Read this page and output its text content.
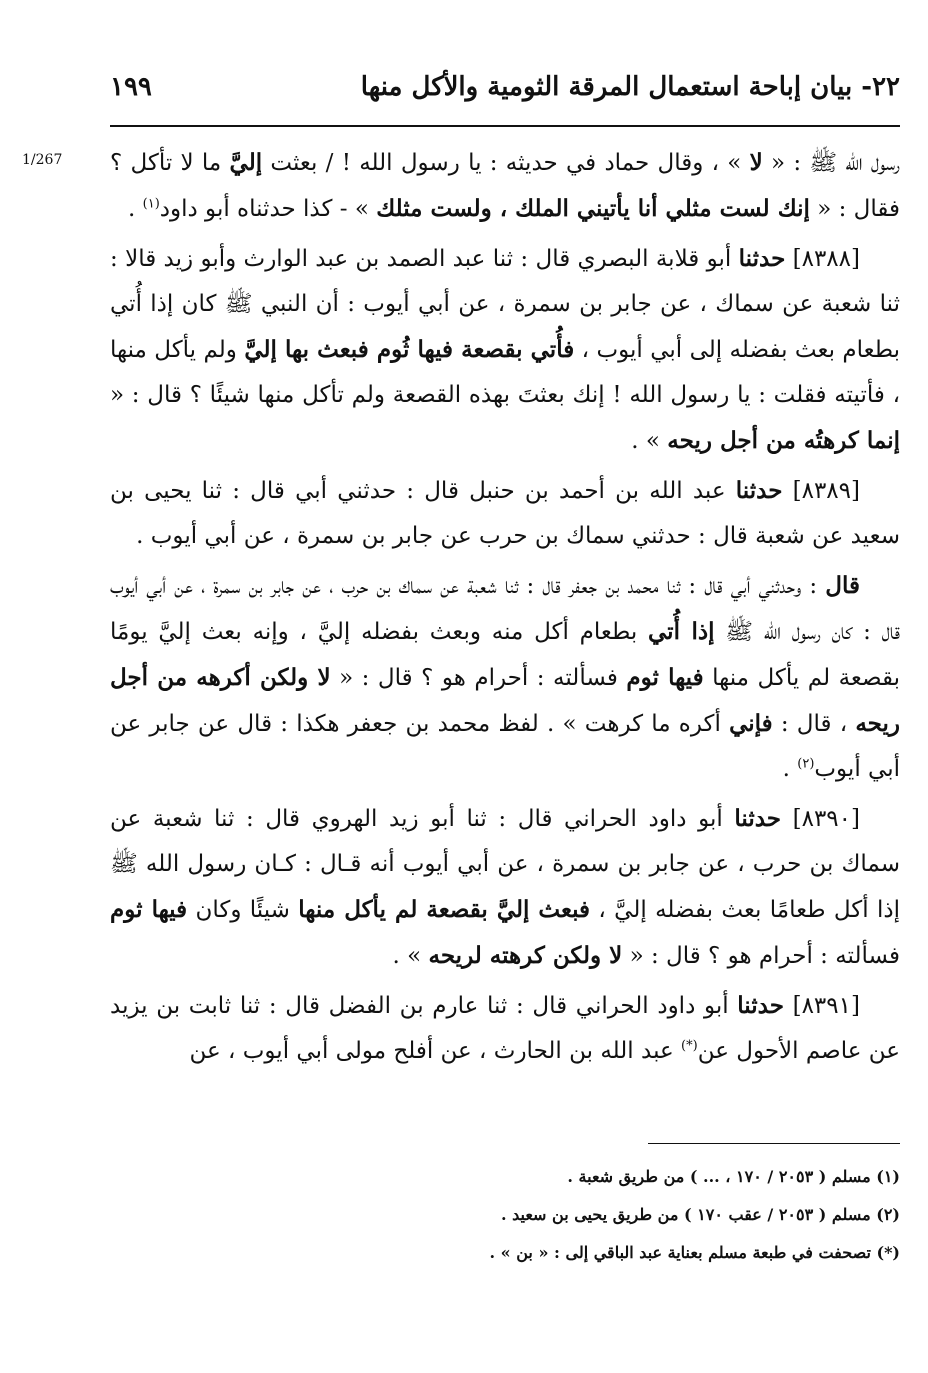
٢٢- بيان إباحة استعمال المرقة الثومية والأكل منها
١٩٩
1/267	رسول الله ﷺ : « لا » ، وقال حماد في حديثه : يا رسول الله ! / بعثت إليَّ ما لا تأكل ؟ فقال : « إنك لست مثلي أنا يأتيني الملك ، ولست مثلك » - كذا حدثناه أبو داود$^{(١)}$ .

[٨٣٨٨] حدثنا أبو قلابة البصري قال : ثنا عبد الصمد بن عبد الوارث وأبو زيد قالا : ثنا شعبة عن سماك ، عن جابر بن سمرة ، عن أبي أيوب : أن النبي ﷺ كان إذا أُتي بطعام بعث بفضله إلى أبي أيوب ، فأُتي بقصعة فيها ثُوم فبعث بها إليَّ ولم يأكل منها ، فأتيته فقلت : يا رسول الله ! إنك بعثتَ بهذه القصعة ولم تأكل منها شيئًا ؟ قال : « إنما كرهتُه من أجل ريحه » .

[٨٣٨٩] حدثنا عبد الله بن أحمد بن حنبل قال : حدثني أبي قال : ثنا يحيى بن سعيد عن شعبة قال : حدثني سماك بن حرب عن جابر بن سمرة ، عن أبي أيوب .

قال : وحدثني أبي قال : ثنا محمد بن جعفر قال : ثنا شعبة عن سماك بن حرب ، عن جابر بن سمرة ، عن أبي أيوب قال : كان رسول الله ﷺ إذا أُتي بطعام أكل منه وبعث بفضله إليَّ ، وإنه بعث إليَّ يومًا بقصعة لم يأكل منها فيها ثوم فسألته : أحرام هو ؟ قال : « لا ولكن أكرهه من أجل ريحه ، قال : فإني أكره ما كرهت » . لفظ محمد بن جعفر هكذا : قال عن جابر عن أبي أيوب$^{(٢)}$ .

[٨٣٩٠] حدثنا أبو داود الحراني قال : ثنا أبو زيد الهروي قال : ثنا شعبة عن سماك بن حرب ، عن جابر بن سمرة ، عن أبي أيوب أنه قـال : كـان رسول الله ﷺ إذا أكل طعامًا بعث بفضله إليَّ ، فبعث إليَّ بقصعة لم يأكل منها شيئًا وكان فيها ثوم فسألته : أحرام هو ؟ قال : « لا ولكن كرهته لريحه » .

[٨٣٩١] حدثنا أبو داود الحراني قال : ثنا عارم بن الفضل قال : ثنا ثابت بن يزيد عن عاصم الأحول عن(*) عبد الله بن الحارث ، عن أفلح مولى أبي أيوب ، عن

(١) مسلم ( ٢٠٥٣ / ١٧٠ ، ... ) من طريق شعبة .
(٢) مسلم ( ٢٠٥٣ / عقب ١٧٠ ) من طريق يحيى بن سعيد .
(*) تصحفت في طبعة مسلم بعناية عبد الباقي إلى : « بن » .
